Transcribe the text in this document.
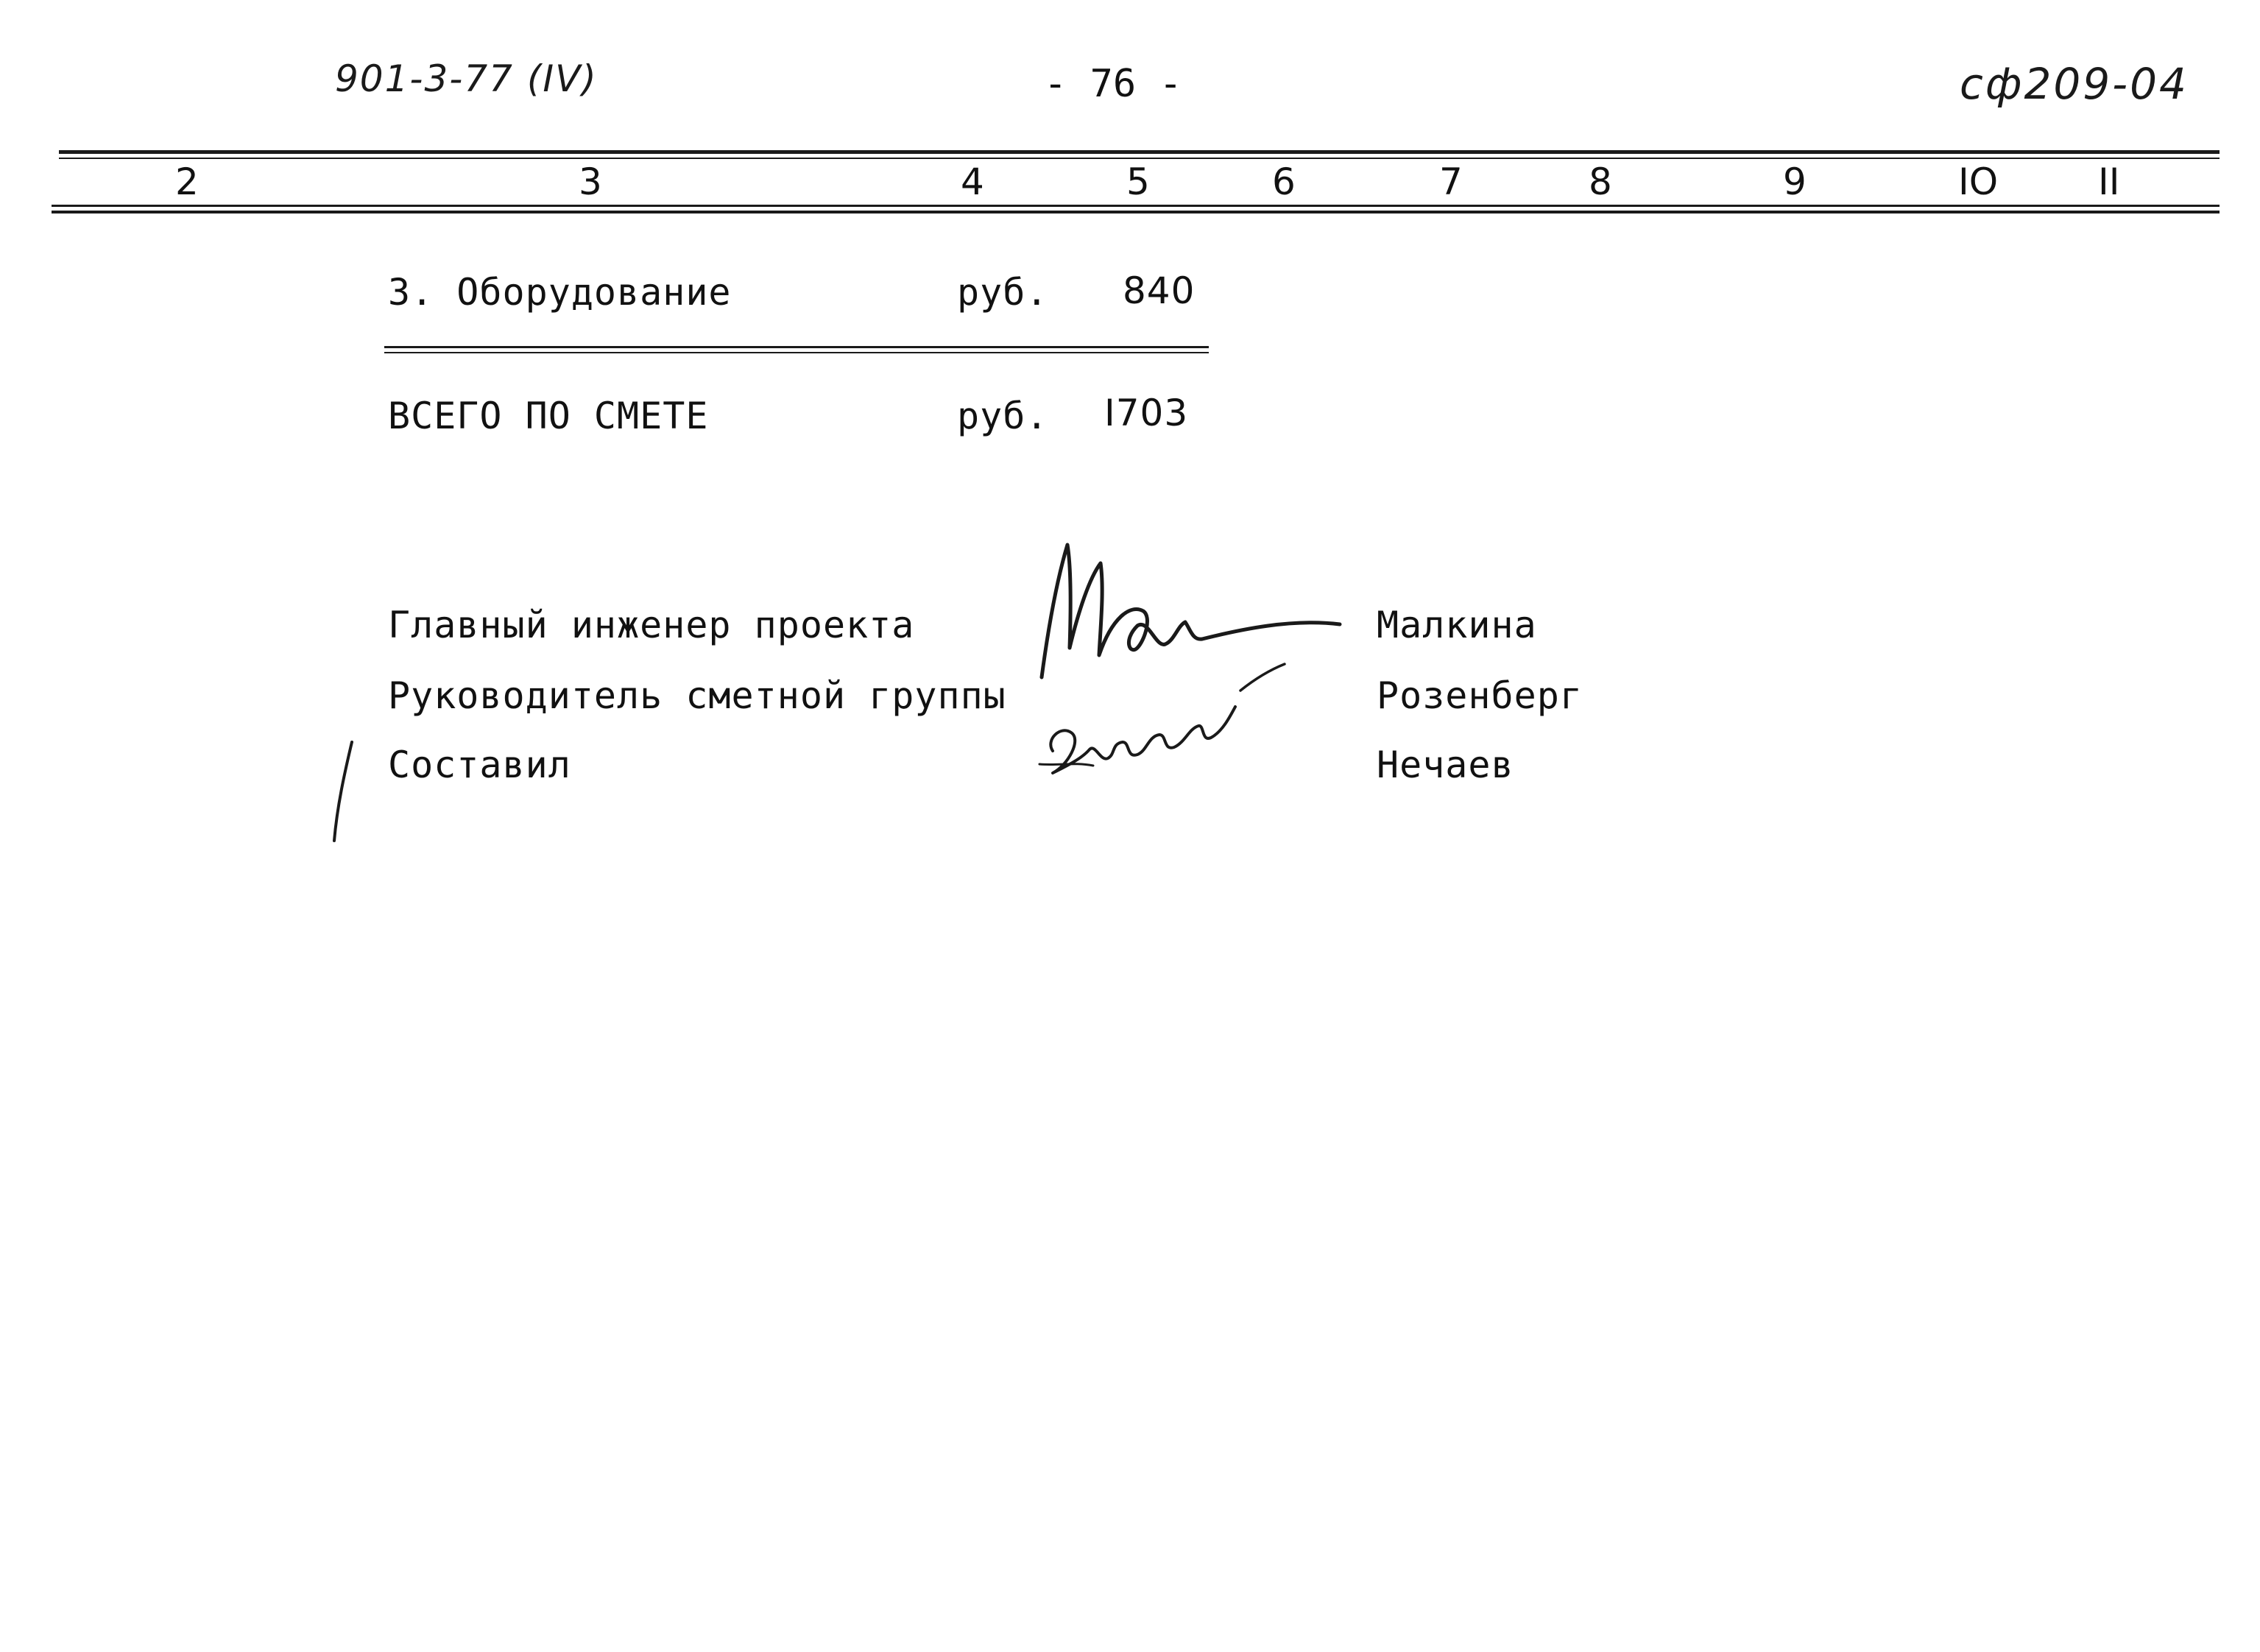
901-3-77 (IV)	- 76 -	сф209-04
2	3	4	5	6	7	8	9	IO	II
3. Оборудование	руб. 840
ВСЕГО ПО СМЕТЕ	руб. I703
Главный инженер проекта	Малкина
Руководитель сметной группы	Розенберг
Составил	Нечаев
